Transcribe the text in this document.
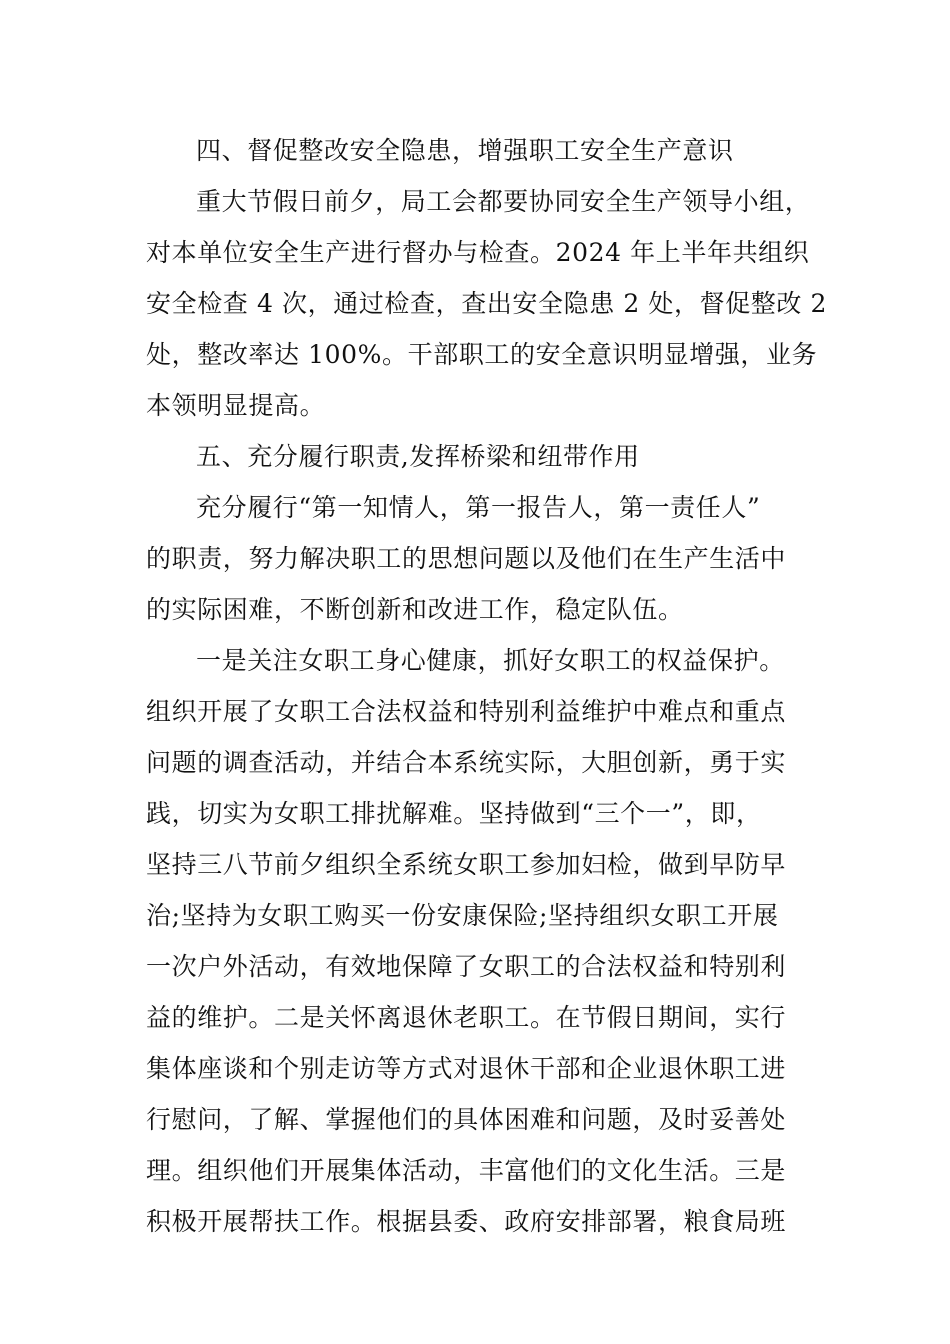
四、督促整改安全隐患，增强职工安全生产意识
重大节假日前夕，局工会都要协同安全生产领导小组，
对本单位安全生产进行督办与检查。2024 年上半年共组织
安全检查 4 次，通过检查，查出安全隐患 2 处，督促整改 2
处，整改率达 100%。干部职工的安全意识明显增强，业务
本领明显提高。
五、充分履行职责,发挥桥梁和纽带作用
充分履行“第一知情人，第一报告人，第一责任人”
的职责，努力解决职工的思想问题以及他们在生产生活中
的实际困难，不断创新和改进工作，稳定队伍。
一是关注女职工身心健康，抓好女职工的权益保护。
组织开展了女职工合法权益和特别利益维护中难点和重点
问题的调查活动，并结合本系统实际，大胆创新，勇于实
践，切实为女职工排扰解难。坚持做到“三个一”，即，
坚持三八节前夕组织全系统女职工参加妇检，做到早防早
治;坚持为女职工购买一份安康保险;坚持组织女职工开展
一次户外活动，有效地保障了女职工的合法权益和特别利
益的维护。二是关怀离退休老职工。在节假日期间，实行
集体座谈和个别走访等方式对退休干部和企业退休职工进
行慰问，了解、掌握他们的具体困难和问题，及时妥善处
理。组织他们开展集体活动，丰富他们的文化生活。三是
积极开展帮扶工作。根据县委、政府安排部署，粮食局班
